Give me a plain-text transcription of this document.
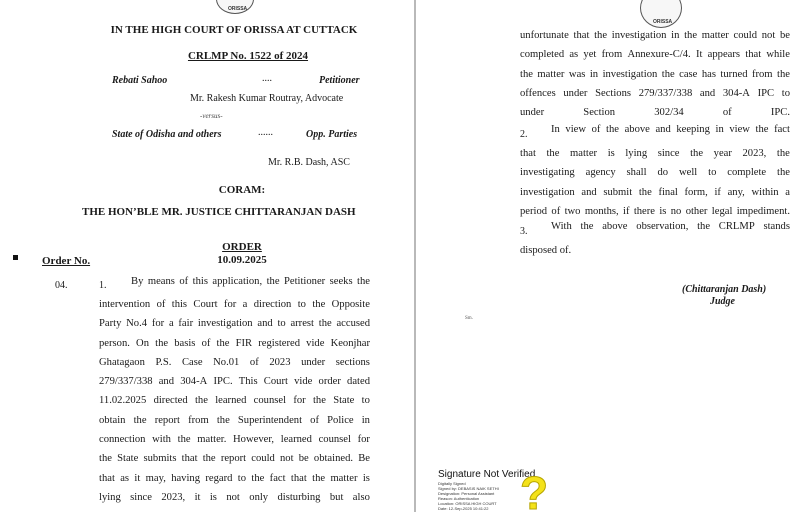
ORISSA
IN THE HIGH COURT OF ORISSA AT CUTTACK
CRLMP No. 1522 of 2024
Rebati Sahoo	....	Petitioner
Mr. Rakesh Kumar Routray, Advocate
-versus-
State of Odisha and others	......	Opp. Parties
Mr. R.B. Dash, ASC
CORAM:
THE HON’BLE MR. JUSTICE CHITTARANJAN DASH
ORDER
Order No.	10.09.2025
04.	1. By means of this application, the Petitioner seeks the
intervention of this Court for a direction to the Opposite
Party No.4 for a fair investigation and to arrest the accused
person. On the basis of the FIR registered vide Keonjhar
Ghatagaon P.S. Case No.01 of 2023 under sections
279/337/338 and 304-A IPC. This Court vide order dated
11.02.2025 directed the learned counsel for the State to
obtain the report from the Superintendent of Police in
connection with the matter. However, learned counsel for
the State submits that the report could not be obtained. Be
that as it may, having regard to the fact that the matter is
lying since 2023, it is not only disturbing but also
ORISSA
unfortunate that the investigation in the matter could not be
completed as yet from Annexure-C/4. It appears that while
the matter was in investigation the case has turned from the
offences under Sections 279/337/338 and 304-A IPC to
under Section 302/34 of IPC.
2. In view of the above and keeping in view the fact
that the matter is lying since the year 2023, the
investigating agency shall do well to complete the
investigation and submit the final form, if any, within a
period of two months, if there is no other legal impediment.
3. With the above observation, the CRLMP stands
disposed of.
(Chittaranjan Dash)
Judge
Sm.
Signature Not Verified
Digitally Signed
Signed by: DEBASIS NAIK SETHI
Designation: Personal Assistant
Reason: Authentication
Location: ORISSA HIGH COURT
Date: 12-Sep-2025 10:41:22 ?
